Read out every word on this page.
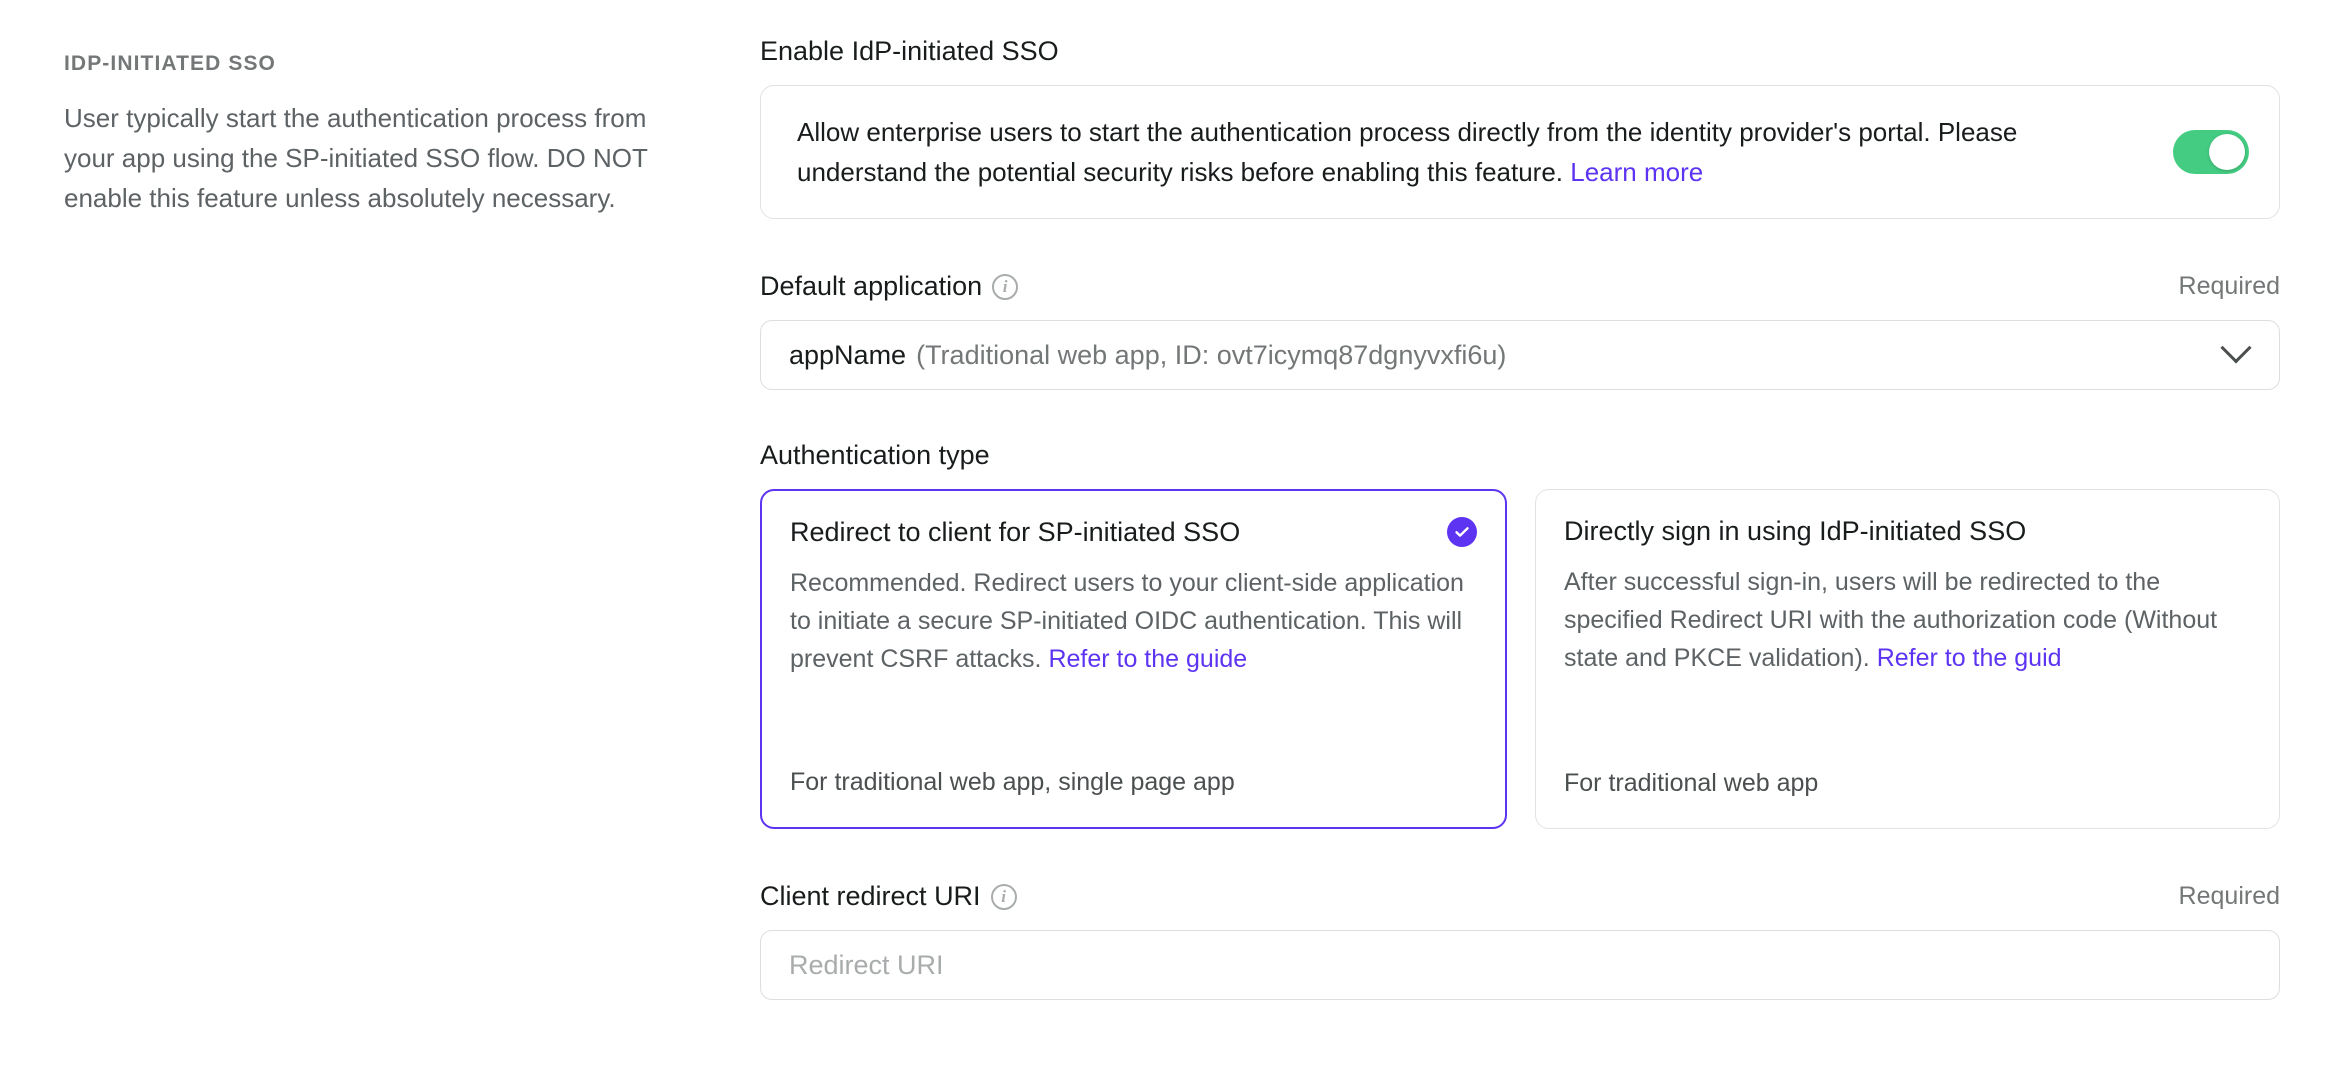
IDP-INITIATED SSO

User typically start the authentication process from your app using the SP-initiated SSO flow. DO NOT enable this feature unless absolutely necessary.

Enable IdP-initiated SSO
Allow enterprise users to start the authentication process directly from the identity provider's portal. Please understand the potential security risks before enabling this feature. Learn more
Default application	i	Required
appName (Traditional web app, ID: ovt7icymq87dgnyvxfi6u)
Authentication type
Redirect to client for SP-initiated SSO

Recommended. Redirect users to your client-side application to initiate a secure SP-initiated OIDC authentication. This will prevent CSRF attacks. Refer to the guide

For traditional web app, single page app
Directly sign in using IdP-initiated SSO

After successful sign-in, users will be redirected to the specified Redirect URI with the authorization code (Without state and PKCE validation). Refer to the guid

For traditional web app
Client redirect URI	i	Required
Redirect URI
